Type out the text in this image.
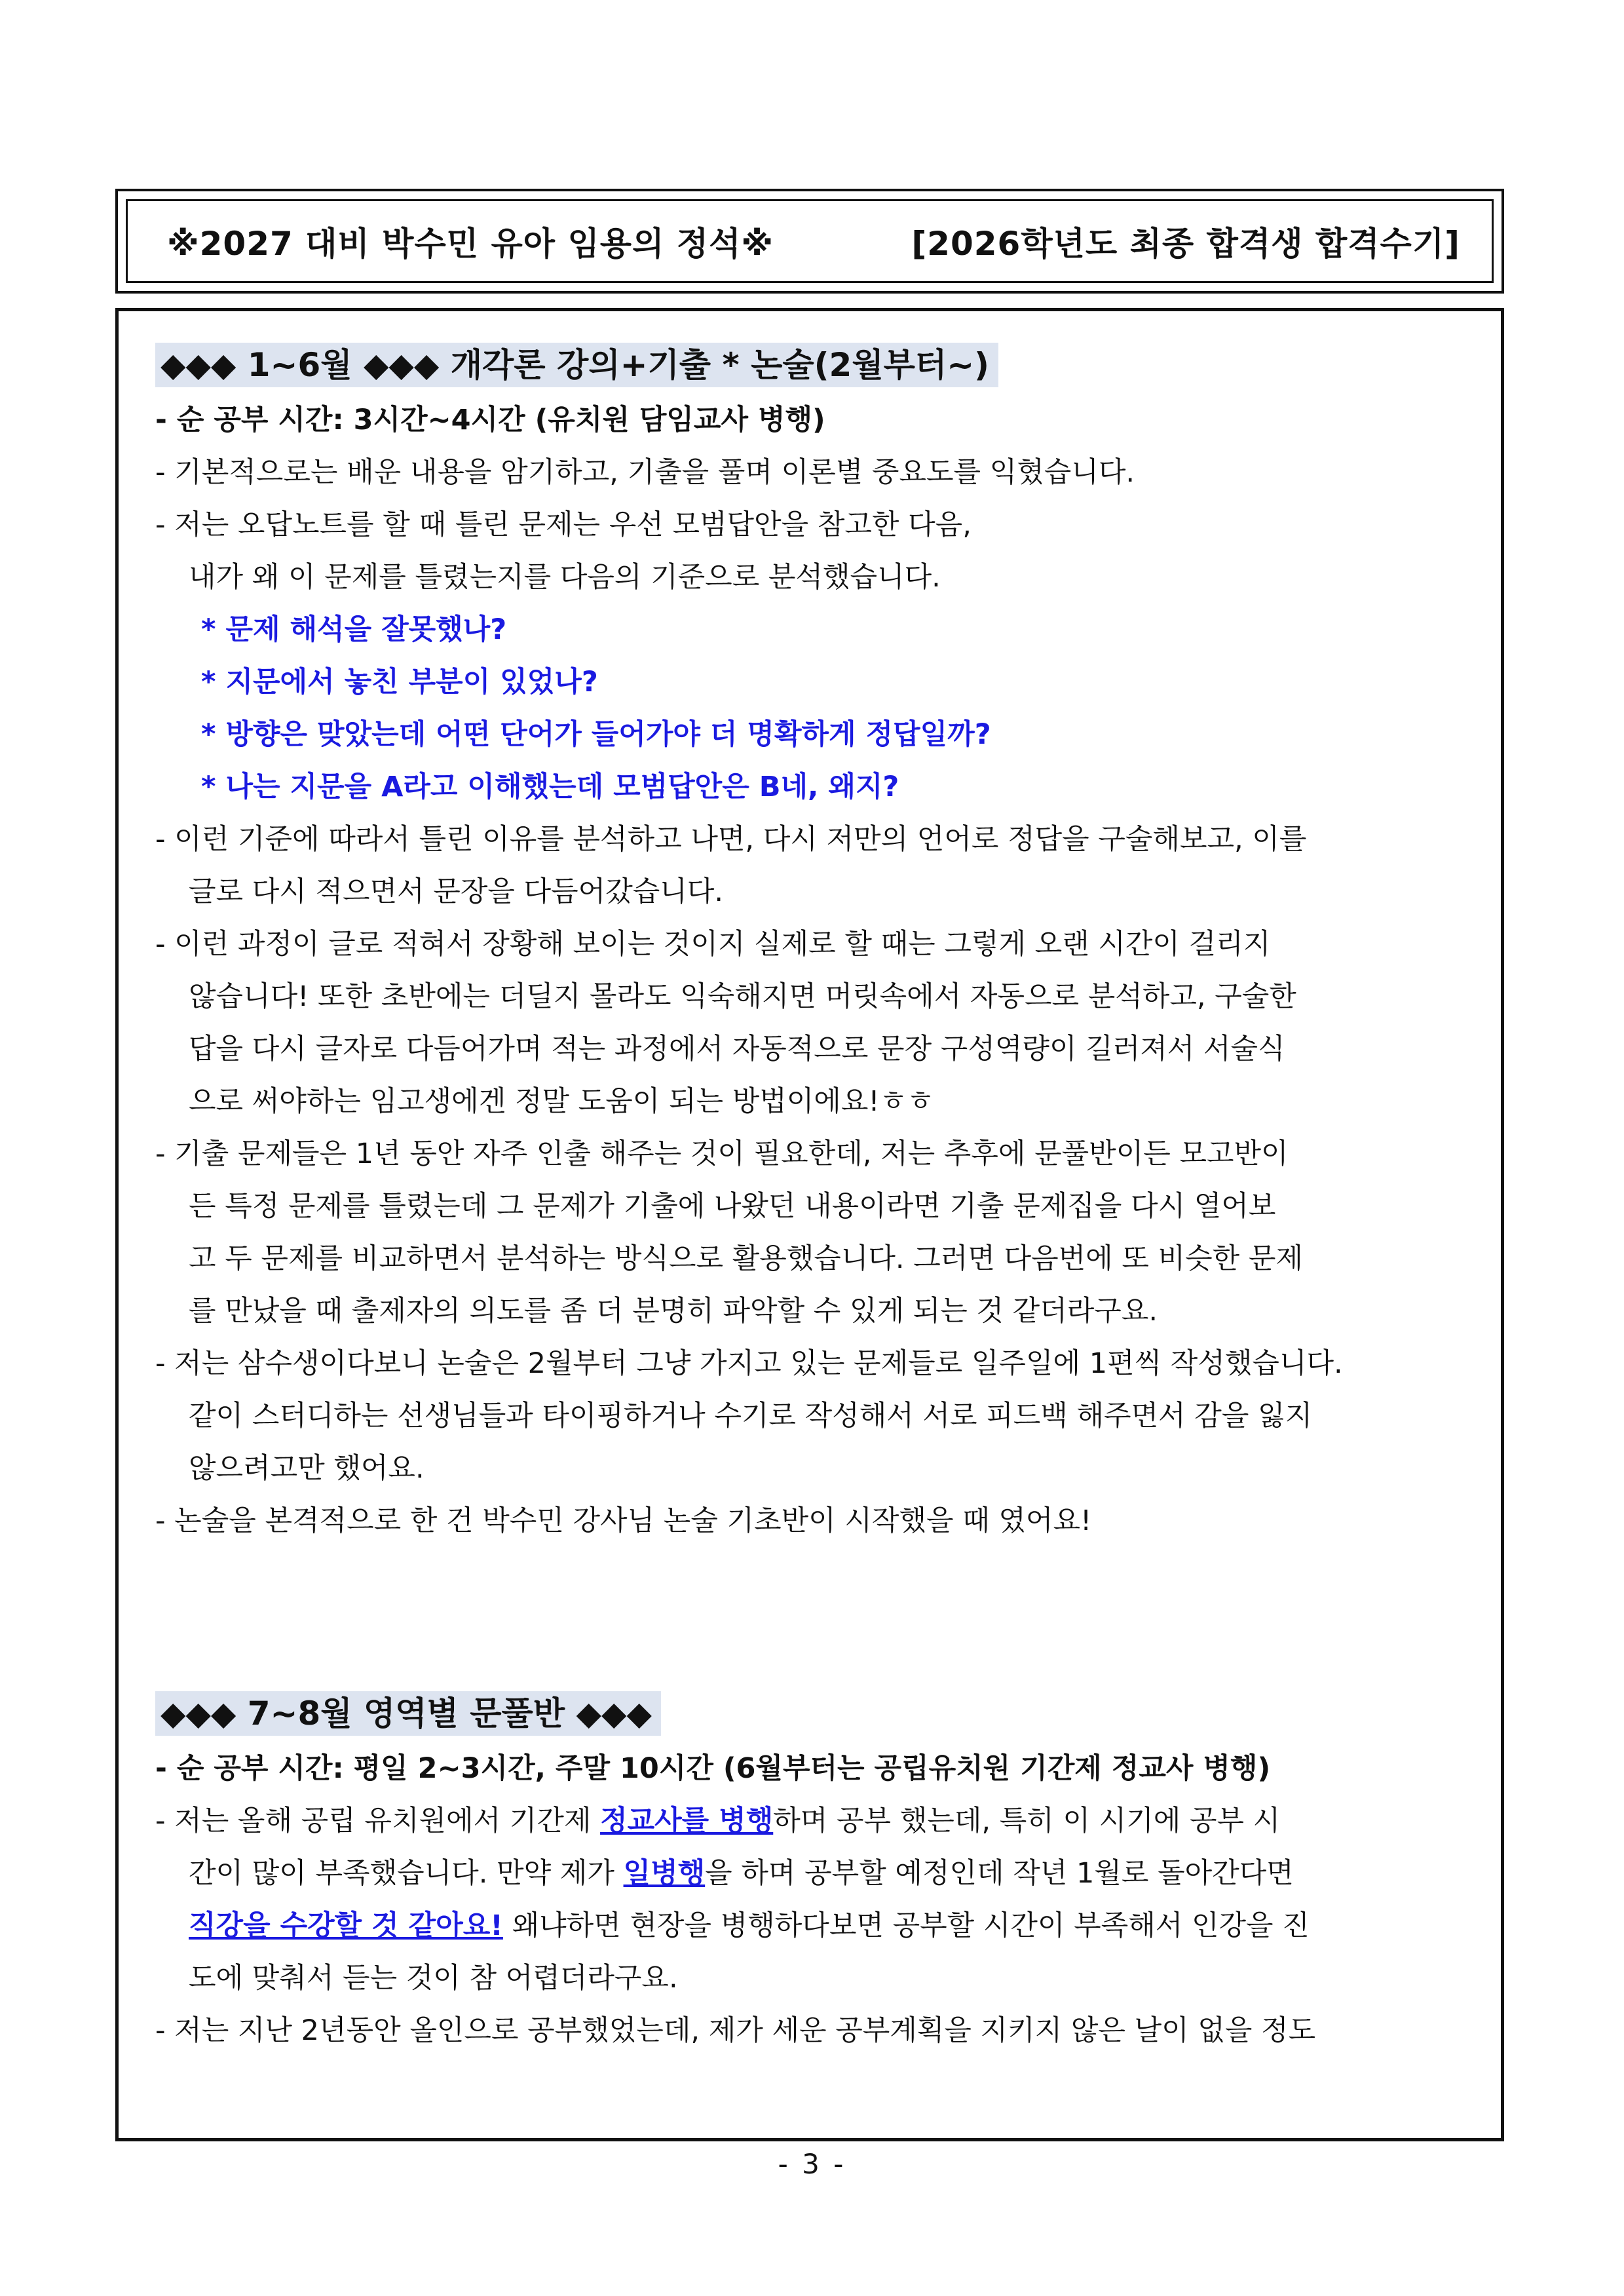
※2027 대비 박수민 유아 임용의 정석※	[2026학년도 최종 합격생 합격수기]
◆◆◆ 1~6월 ◆◆◆ 개각론 강의+기출 * 논술(2월부터~)
- 순 공부 시간: 3시간~4시간 (유치원 담임교사 병행)
- 기본적으로는 배운 내용을 암기하고, 기출을 풀며 이론별 중요도를 익혔습니다.
- 저는 오답노트를 할 때 틀린 문제는 우선 모범답안을 참고한 다음,
내가 왜 이 문제를 틀렸는지를 다음의 기준으로 분석했습니다.
* 문제 해석을 잘못했나?
* 지문에서 놓친 부분이 있었나?
* 방향은 맞았는데 어떤 단어가 들어가야 더 명확하게 정답일까?
* 나는 지문을 A라고 이해했는데 모범답안은 B네, 왜지?
- 이런 기준에 따라서 틀린 이유를 분석하고 나면, 다시 저만의 언어로 정답을 구술해보고, 이를
글로 다시 적으면서 문장을 다듬어갔습니다.
- 이런 과정이 글로 적혀서 장황해 보이는 것이지 실제로 할 때는 그렇게 오랜 시간이 걸리지
않습니다! 또한 초반에는 더딜지 몰라도 익숙해지면 머릿속에서 자동으로 분석하고, 구술한
답을 다시 글자로 다듬어가며 적는 과정에서 자동적으로 문장 구성역량이 길러져서 서술식
으로 써야하는 임고생에겐 정말 도움이 되는 방법이에요!ㅎㅎ
- 기출 문제들은 1년 동안 자주 인출 해주는 것이 필요한데, 저는 추후에 문풀반이든 모고반이
든 특정 문제를 틀렸는데 그 문제가 기출에 나왔던 내용이라면 기출 문제집을 다시 열어보
고 두 문제를 비교하면서 분석하는 방식으로 활용했습니다. 그러면 다음번에 또 비슷한 문제
를 만났을 때 출제자의 의도를 좀 더 분명히 파악할 수 있게 되는 것 같더라구요.
- 저는 삼수생이다보니 논술은 2월부터 그냥 가지고 있는 문제들로 일주일에 1편씩 작성했습니다.
같이 스터디하는 선생님들과 타이핑하거나 수기로 작성해서 서로 피드백 해주면서 감을 잃지
않으려고만 했어요.
- 논술을 본격적으로 한 건 박수민 강사님 논술 기초반이 시작했을 때 였어요!
◆◆◆ 7~8월 영역별 문풀반 ◆◆◆
- 순 공부 시간: 평일 2~3시간, 주말 10시간 (6월부터는 공립유치원 기간제 정교사 병행)
- 저는 올해 공립 유치원에서 기간제 정교사를 병행하며 공부 했는데, 특히 이 시기에 공부 시
간이 많이 부족했습니다. 만약 제가 일병행을 하며 공부할 예정인데 작년 1월로 돌아간다면
직강을 수강할 것 같아요! 왜냐하면 현장을 병행하다보면 공부할 시간이 부족해서 인강을 진
도에 맞춰서 듣는 것이 참 어렵더라구요.
- 저는 지난 2년동안 올인으로 공부했었는데, 제가 세운 공부계획을 지키지 않은 날이 없을 정도
- 3 -
